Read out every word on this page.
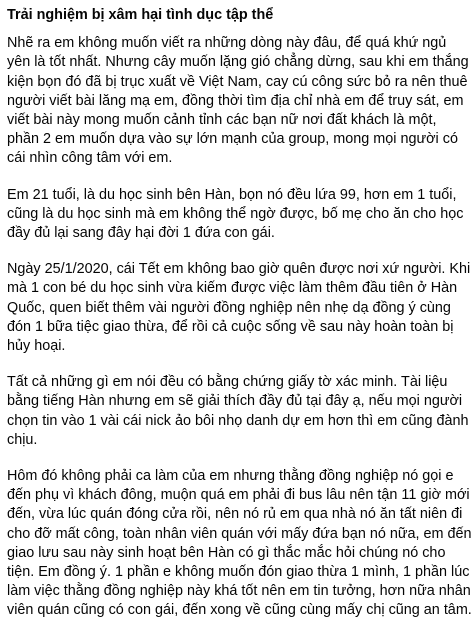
Trải nghiệm bị xâm hại tình dục tập thể

Nhẽ ra em không muốn viết ra những dòng này đâu, để quá khứ ngủ yên là tốt nhất. Nhưng cây muốn lặng gió chẳng dừng, sau khi em thắng kiện bọn đó đã bị trục xuất về Việt Nam, cay cú công sức bỏ ra nên thuê người viết bài lăng mạ em, đồng thời tìm địa chỉ nhà em để truy sát, em viết bài này mong muốn cảnh tỉnh các bạn nữ nơi đất khách là một, phần 2 em muốn dựa vào sự lớn mạnh của group, mong mọi người có cái nhìn công tâm với em.

Em 21 tuổi, là du học sinh bên Hàn, bọn nó đều lứa 99, hơn em 1 tuổi, cũng là du học sinh mà em không thể ngờ được, bố mẹ cho ăn cho học đầy đủ lại sang đây hại đời 1 đứa con gái.

Ngày 25/1/2020, cái Tết em không bao giờ quên được nơi xứ người. Khi mà 1 con bé du học sinh vừa kiếm được việc làm thêm đầu tiên ở Hàn Quốc, quen biết thêm vài người đồng nghiệp nên nhẹ dạ đồng ý cùng đón 1 bữa tiệc giao thừa, để rồi cả cuộc sống về sau này hoàn toàn bị hủy hoại.

Tất cả những gì em nói đều có bằng chứng giấy tờ xác minh. Tài liệu bằng tiếng Hàn nhưng em sẽ giải thích đầy đủ tại đây ạ, nếu mọi người chọn tin vào 1 vài cái nick ảo bôi nhọ danh dự em hơn thì em cũng đành chịu.

Hôm đó không phải ca làm của em nhưng thằng đồng nghiệp nó gọi e đến phụ vì khách đông, muộn quá em phải đi bus lâu nên tận 11 giờ mới đến, vừa lúc quán đóng cửa rồi, nên nó rủ em qua nhà nó ăn tất niên đi cho đỡ mất công, toàn nhân viên quán với mấy đứa bạn nó nữa, em đến giao lưu sau này sinh hoạt bên Hàn có gì thắc mắc hỏi chúng nó cho tiện. Em đồng ý. 1 phần e không muốn đón giao thừa 1 mình, 1 phần lúc làm việc thằng đồng nghiệp này khá tốt nên em tin tưởng, hơn nữa nhân viên quán cũng có con gái, đến xong về cũng cùng mấy chị cũng an tâm.
